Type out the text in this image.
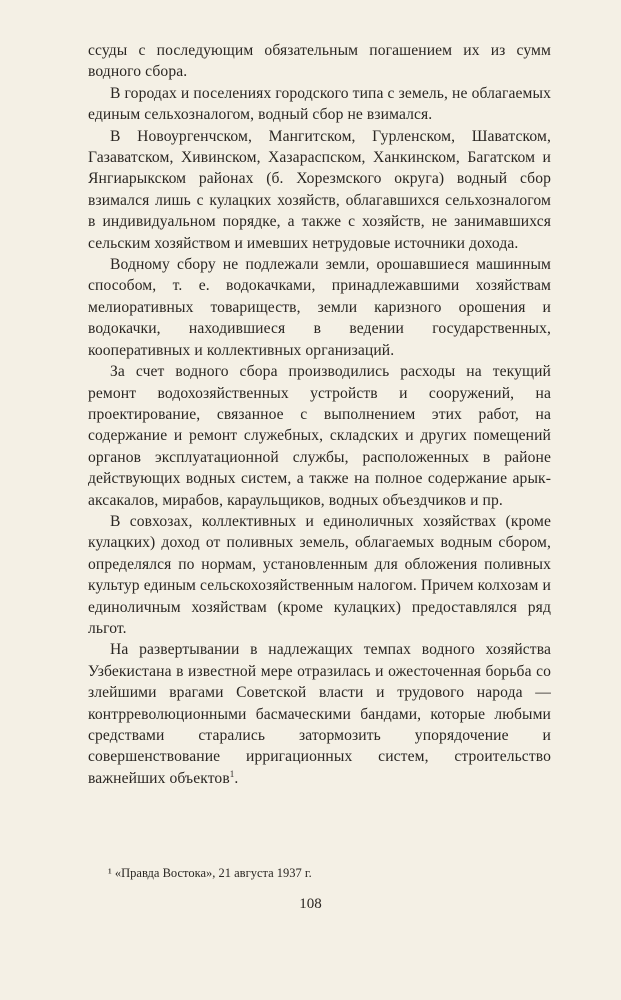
ссуды с последующим обязательным погашением их из сумм водного сбора.

В городах и поселениях городского типа с земель, не облагаемых единым сельхозналогом, водный сбор не взимался.

В Новоургенчском, Мангитском, Гурленском, Шаватском, Газаватском, Хивинском, Хазараспском, Ханкинском, Багатском и Янгиарыкском районах (б. Хорезмского округа) водный сбор взимался лишь с кулацких хозяйств, облагавшихся сельхозналогом в индивидуальном порядке, а также с хозяйств, не занимавшихся сельским хозяйством и имевших нетрудовые источники дохода.

Водному сбору не подлежали земли, орошавшиеся машинным способом, т. е. водокачками, принадлежавшими хозяйствам мелиоративных товариществ, земли каризного орошения и водокачки, находившиеся в ведении государственных, кооперативных и коллективных организаций.

За счет водного сбора производились расходы на текущий ремонт водохозяйственных устройств и сооружений, на проектирование, связанное с выполнением этих работ, на содержание и ремонт служебных, складских и других помещений органов эксплуатационной службы, расположенных в районе действующих водных систем, а также на полное содержание арык-аксакалов, мирабов, караульщиков, водных объездчиков и пр.

В совхозах, коллективных и единоличных хозяйствах (кроме кулацких) доход от поливных земель, облагаемых водным сбором, определялся по нормам, установленным для обложения поливных культур единым сельскохозяйственным налогом. Причем колхозам и единоличным хозяйствам (кроме кулацких) предоставлялся ряд льгот.

На развертывании в надлежащих темпах водного хозяйства Узбекистана в известной мере отразилась и ожесточенная борьба со злейшими врагами Советской власти и трудового народа — контрреволюционными басмаческими бандами, которые любыми средствами старались затормозить упорядочение и совершенствование ирригационных систем, строительство важнейших объектов$^1$.

¹ «Правда Востока», 21 августа 1937 г.

108
